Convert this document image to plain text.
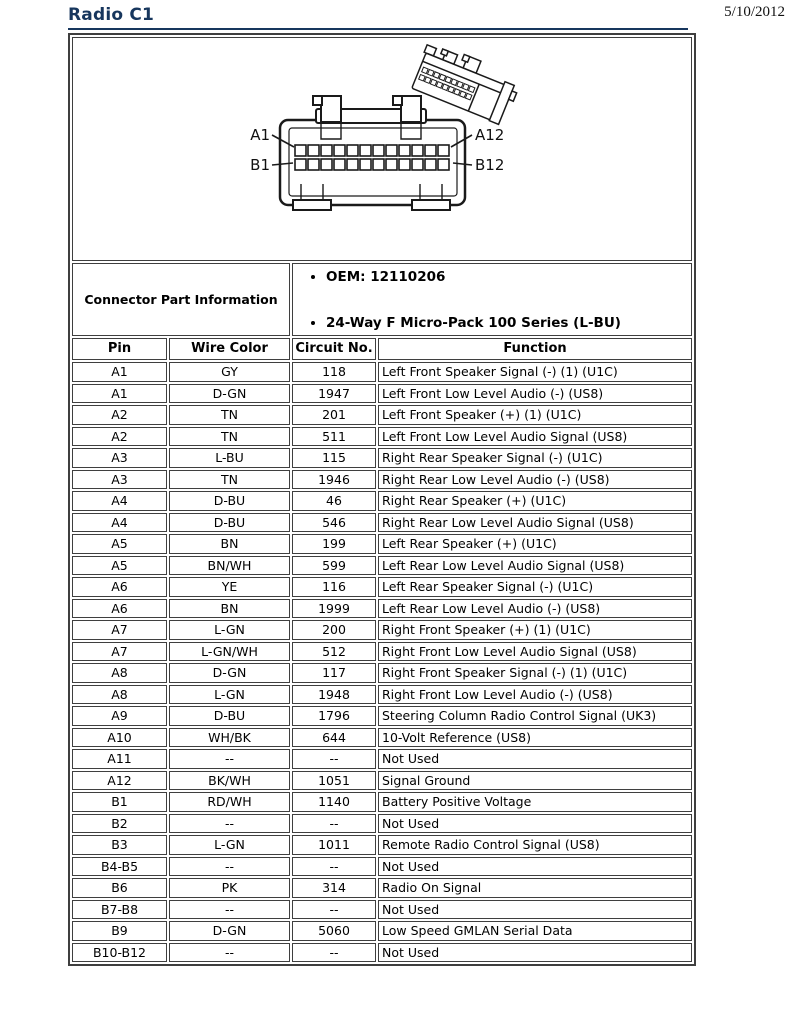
5/10/2012
Radio C1
A1
B1
A12
B12			

Connector Part Information	
• OEM: 12110206
• 24-Way F Micro-Pack 100 Series (L-BU)

Pin	Wire Color	Circuit No.	Function
A1	GY	118	Left Front Speaker Signal (-) (1) (U1C)
A1	D-GN	1947	Left Front Low Level Audio (-) (US8)
A2	TN	201	Left Front Speaker (+) (1) (U1C)
A2	TN	511	Left Front Low Level Audio Signal (US8)
A3	L-BU	115	Right Rear Speaker Signal (-) (U1C)
A3	TN	1946	Right Rear Low Level Audio (-) (US8)
A4	D-BU	46	Right Rear Speaker (+) (U1C)
A4	D-BU	546	Right Rear Low Level Audio Signal (US8)
A5	BN	199	Left Rear Speaker (+) (U1C)
A5	BN/WH	599	Left Rear Low Level Audio Signal (US8)
A6	YE	116	Left Rear Speaker Signal (-) (U1C)
A6	BN	1999	Left Rear Low Level Audio (-) (US8)
A7	L-GN	200	Right Front Speaker (+) (1) (U1C)
A7	L-GN/WH	512	Right Front Low Level Audio Signal (US8)
A8	D-GN	117	Right Front Speaker Signal (-) (1) (U1C)
A8	L-GN	1948	Right Front Low Level Audio (-) (US8)
A9	D-BU	1796	Steering Column Radio Control Signal (UK3)
A10	WH/BK	644	10-Volt Reference (US8)
A11	--	--	Not Used
A12	BK/WH	1051	Signal Ground
B1	RD/WH	1140	Battery Positive Voltage
B2	--	--	Not Used
B3	L-GN	1011	Remote Radio Control Signal (US8)
B4-B5	--	--	Not Used
B6	PK	314	Radio On Signal
B7-B8	--	--	Not Used
B9	D-GN	5060	Low Speed GMLAN Serial Data
B10-B12	--	--	Not Used
